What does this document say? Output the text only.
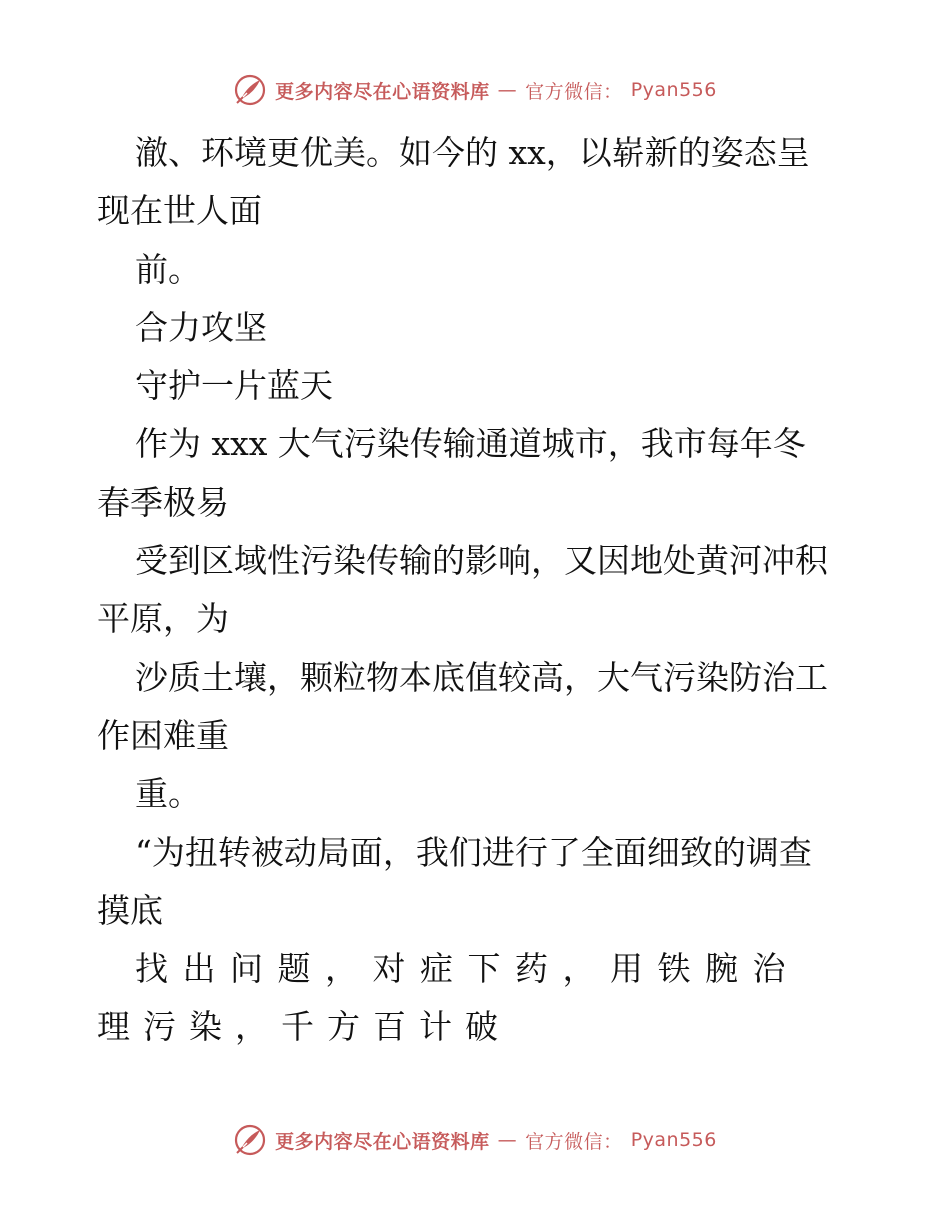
更多内容尽在心语资料库 — 官方微信： Pyan556
澈、环境更优美。如今的 xx，以崭新的姿态呈
现在世人面
前。
合力攻坚
守护一片蓝天
作为 xxx 大气污染传输通道城市，我市每年冬
春季极易
受到区域性污染传输的影响，又因地处黄河冲积
平原，为
沙质土壤，颗粒物本底值较高，大气污染防治工
作困难重
重。
“为扭转被动局面，我们进行了全面细致的调查
摸底
找出问题，对症下药，用铁腕治
理污染，千方百计破
更多内容尽在心语资料库 — 官方微信： Pyan556
